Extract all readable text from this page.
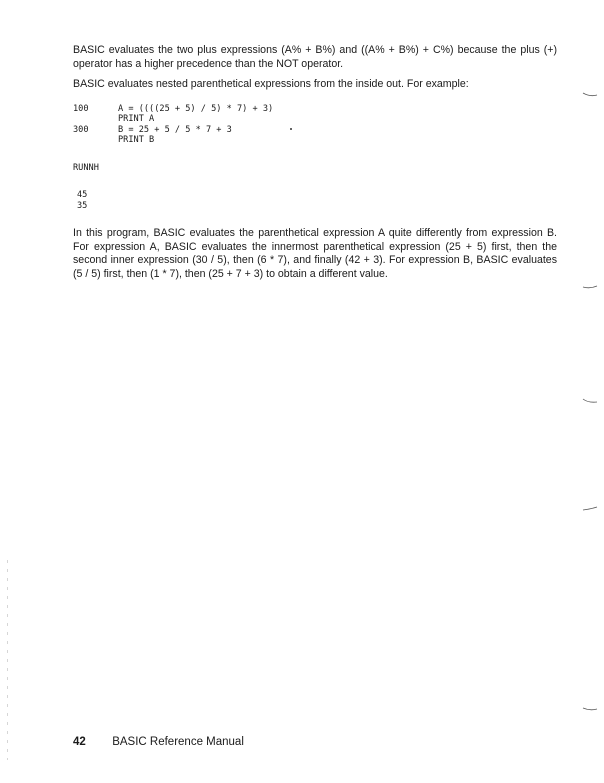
BASIC evaluates the two plus expressions (A% + B%) and ((A% + B%) + C%) because the plus (+) operator has a higher precedence than the NOT operator.

BASIC evaluates nested parenthetical expressions from the inside out. For example:

100	A = ((((25 + 5) / 5) * 7) + 3)
PRINT A
300	B = 25 + 5 / 5 * 7 + 3
PRINT B
RUNNH
45
35

In this program, BASIC evaluates the parenthetical expression A quite differently from expression B. For expression A, BASIC evaluates the innermost parenthetical expression (25 + 5) first, then the second inner expression (30 / 5), then (6 * 7), and finally (42 + 3). For expression B, BASIC evaluates (5 / 5) first, then (1 * 7), then (25 + 7 + 3) to obtain a different value.

42 BASIC Reference Manual
